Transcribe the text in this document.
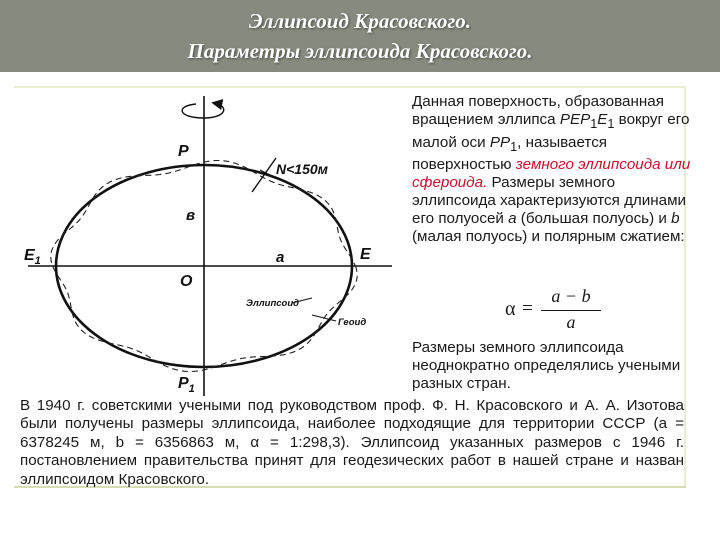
Эллипсоид Красовского.
Параметры эллипсоида Красовского.
P
$P_1$
$E_1$	E
O
a
в
N<150м
Эллипсоид
Геоид
Данная поверхность, образованная вращением эллипса $PEP_1E_1$ вокруг его малой оси $PP_1$, называется поверхностью земного эллипсоида или сфероида. Размеры земного эллипсоида характеризуются длинами его полуосей a (большая полуось) и b (малая полуось) и полярным сжатием:
α =
a − b
a
Размеры земного эллипсоида неоднократно определялись учеными разных стран.
В 1940 г. советскими учеными под руководством проф. Ф. Н. Красовского и А. А. Изотова были получены размеры эллипсоида, наиболее подходящие для территории СССР (a = 6378245 м, b = 6356863 м, α = 1:298,3). Эллипсоид указанных размеров с 1946 г. постановлением правительства принят для геодезических работ в нашей стране и назван эллипсоидом Красовского.
